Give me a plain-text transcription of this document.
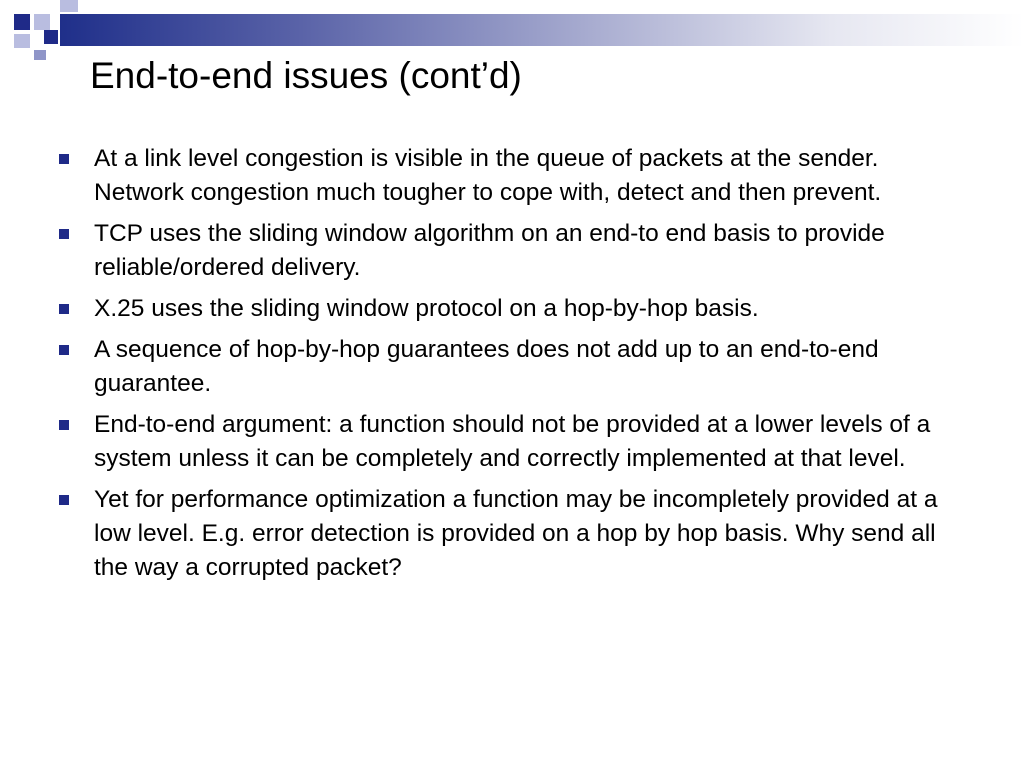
End-to-end issues (cont’d)
At a link level congestion is visible in the queue of packets at the sender. Network congestion much tougher to cope with, detect and then prevent.
TCP uses the sliding window algorithm on an end-to end basis to provide reliable/ordered delivery.
X.25 uses the sliding window protocol on a hop-by-hop basis.
A sequence of hop-by-hop guarantees does not add up to an end-to-end guarantee.
End-to-end argument: a function should not be provided at a lower levels of a system unless it can be completely and correctly implemented at that level.
Yet for performance optimization a function may be incompletely provided at a low level. E.g. error detection is provided on a hop by hop basis. Why send all the way a corrupted packet?
